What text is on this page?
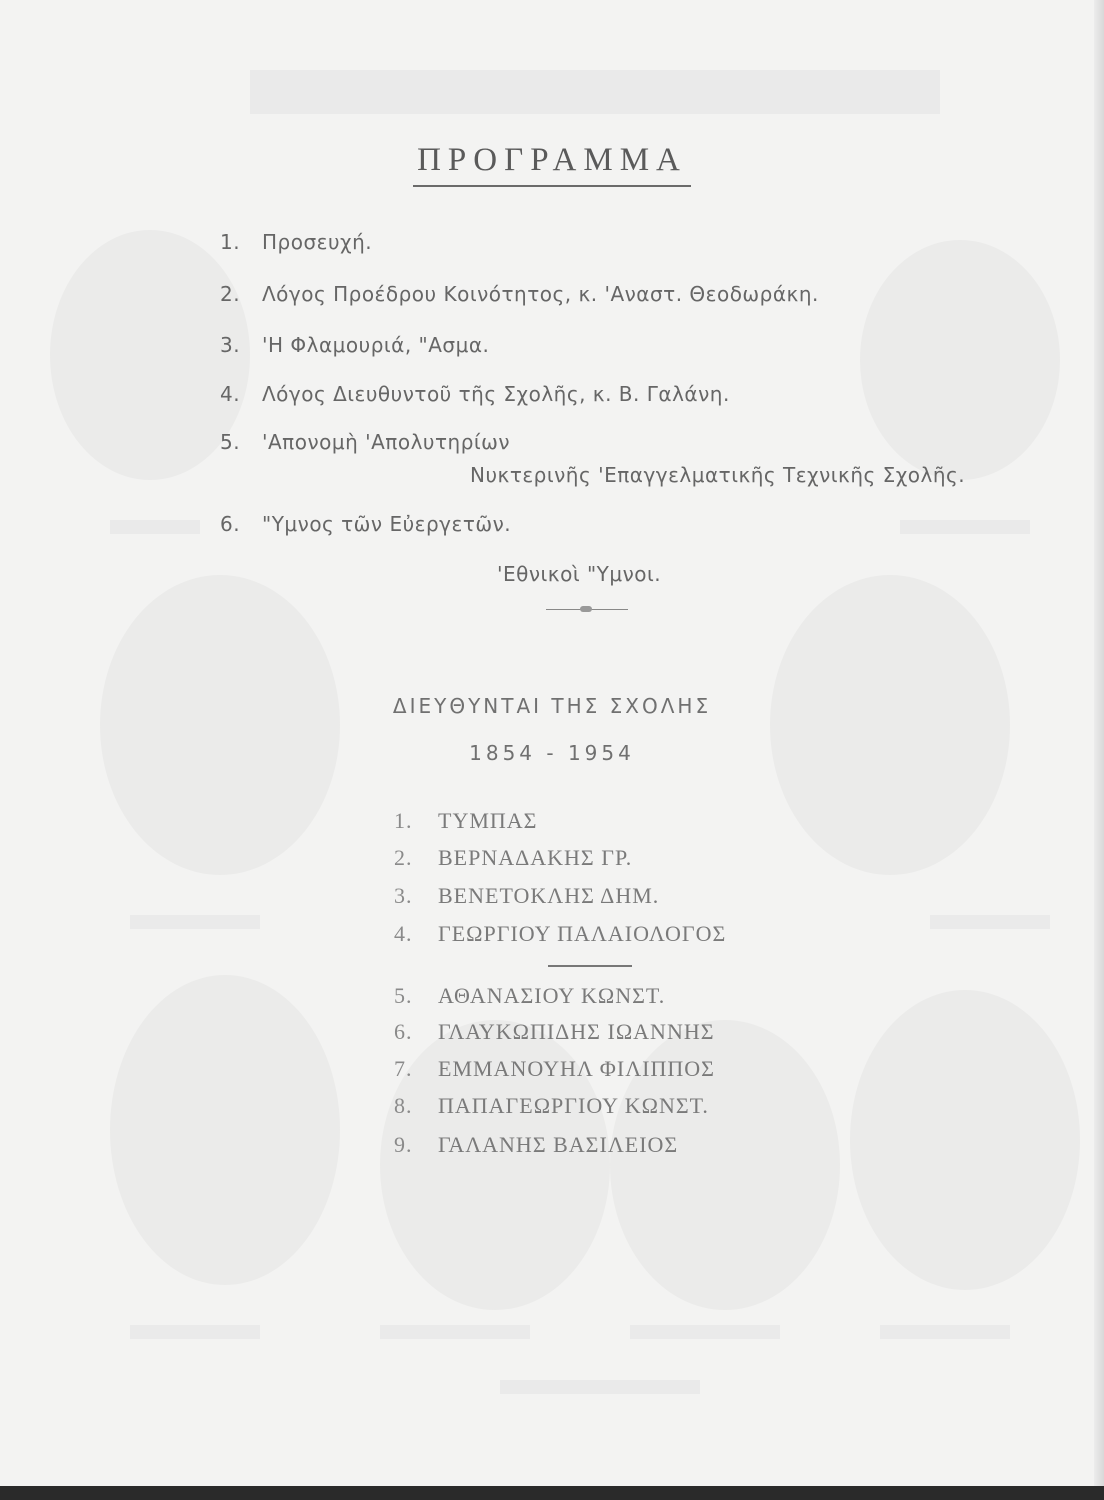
ΠΡΟΓΡΑΜΜΑ
1. Προσευχή.
2. Λόγος Προέδρου Κοινότητος, κ. 'Αναστ. Θεοδωράκη.
3. 'Η Φλαμουριά, "Ασμα.
4. Λόγος Διευθυντοῦ τῆς Σχολῆς, κ. Β. Γαλάνη.
5. 'Απονομὴ 'Απολυτηρίων
Νυκτερινῆς 'Επαγγελματικῆς Τεχνικῆς Σχολῆς.
6. "Υμνος τῶν Εὐεργετῶν.
'Εθνικοὶ "Υμνοι.
ΔΙΕΥΘΥΝΤΑΙ ΤΗΣ ΣΧΟΛΗΣ
1854 - 1954
1. ΤΥΜΠΑΣ
2. ΒΕΡΝΑΔΑΚΗΣ ΓΡ.
3. ΒΕΝΕΤΟΚΛΗΣ ΔΗΜ.
4. ΓΕΩΡΓΙΟΥ ΠΑΛΑΙΟΛΟΓΟΣ
5. ΑΘΑΝΑΣΙΟΥ ΚΩΝΣΤ.
6. ΓΛΑΥΚΩΠΙΔΗΣ ΙΩΑΝΝΗΣ
7. ΕΜΜΑΝΟΥΗΛ ΦΙΛΙΠΠΟΣ
8. ΠΑΠΑΓΕΩΡΓΙΟΥ ΚΩΝΣΤ.
9. ΓΑΛΑΝΗΣ ΒΑΣΙΛΕΙΟΣ
